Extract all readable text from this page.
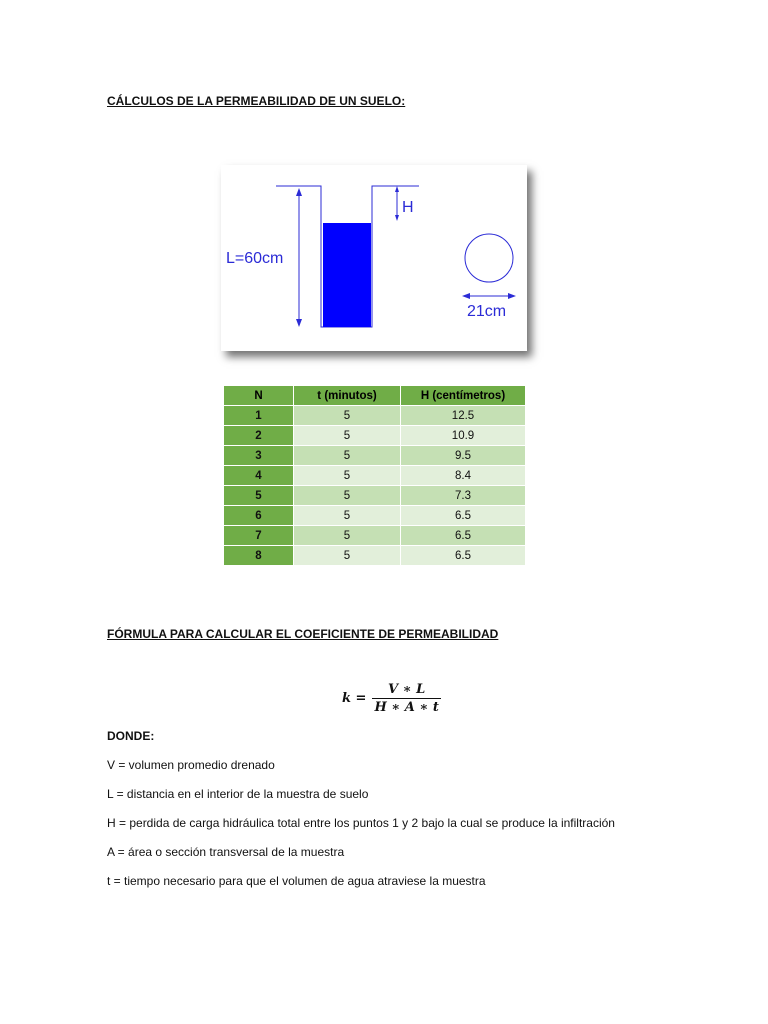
CÁLCULOS DE LA PERMEABILIDAD DE UN SUELO:
L=60cm
H
21cm
N	t (minutos)	H (centímetros)
1	5	12.5
2	5	10.9
3	5	9.5
4	5	8.4
5	5	7.3
6	5	6.5
7	5	6.5
8	5	6.5
FÓRMULA PARA CALCULAR EL COEFICIENTE DE PERMEABILIDAD
$k = \frac{V ∗ L}{H ∗ A ∗ t}$
DONDE:
V = volumen promedio drenado
L = distancia en el interior de la muestra de suelo
H = perdida de carga hidráulica total entre los puntos 1 y 2 bajo la cual se produce la infiltración
A = área o sección transversal de la muestra
t = tiempo necesario para que el volumen de agua atraviese la muestra
